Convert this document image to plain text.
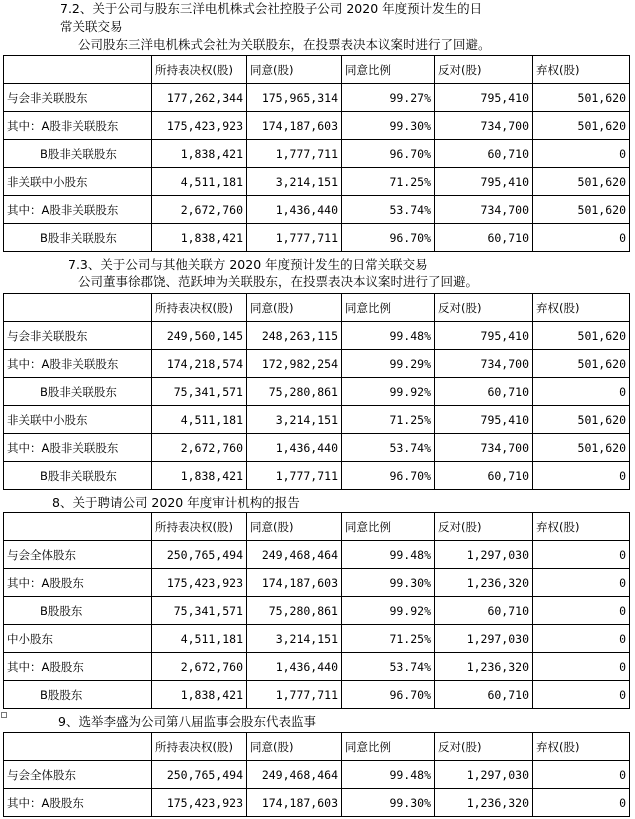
7.2、关于公司与股东三洋电机株式会社控股子公司 2020 年度预计发生的日
常关联交易
公司股东三洋电机株式会社为关联股东，在投票表决本议案时进行了回避。
	所持表决权(股)	同意(股)	同意比例	反对(股)	弃权(股)
与会非关联股东	177,262,344	175,965,314	99.27%	795,410	501,620
其中：A股非关联股东	175,423,923	174,187,603	99.30%	734,700	501,620
B股非关联股东	1,838,421	1,777,711	96.70%	60,710	0
非关联中小股东	4,511,181	3,214,151	71.25%	795,410	501,620
其中：A股非关联股东	2,672,760	1,436,440	53.74%	734,700	501,620
B股非关联股东	1,838,421	1,777,711	96.70%	60,710	0
7.3、关于公司与其他关联方 2020 年度预计发生的日常关联交易
公司董事徐郡饶、范跃坤为关联股东，在投票表决本议案时进行了回避。
	所持表决权(股)	同意(股)	同意比例	反对(股)	弃权(股)
与会非关联股东	249,560,145	248,263,115	99.48%	795,410	501,620
其中：A股非关联股东	174,218,574	172,982,254	99.29%	734,700	501,620
B股非关联股东	75,341,571	75,280,861	99.92%	60,710	0
非关联中小股东	4,511,181	3,214,151	71.25%	795,410	501,620
其中：A股非关联股东	2,672,760	1,436,440	53.74%	734,700	501,620
B股非关联股东	1,838,421	1,777,711	96.70%	60,710	0
8、关于聘请公司 2020 年度审计机构的报告
	所持表决权(股)	同意(股)	同意比例	反对(股)	弃权(股)
与会全体股东	250,765,494	249,468,464	99.48%	1,297,030	0
其中：A股股东	175,423,923	174,187,603	99.30%	1,236,320	0
B股股东	75,341,571	75,280,861	99.92%	60,710	0
中小股东	4,511,181	3,214,151	71.25%	1,297,030	0
其中：A股股东	2,672,760	1,436,440	53.74%	1,236,320	0
B股股东	1,838,421	1,777,711	96.70%	60,710	0
9、选举李盛为公司第八届监事会股东代表监事
	所持表决权(股)	同意(股)	同意比例	反对(股)	弃权(股)
与会全体股东	250,765,494	249,468,464	99.48%	1,297,030	0
其中：A股股东	175,423,923	174,187,603	99.30%	1,236,320	0
